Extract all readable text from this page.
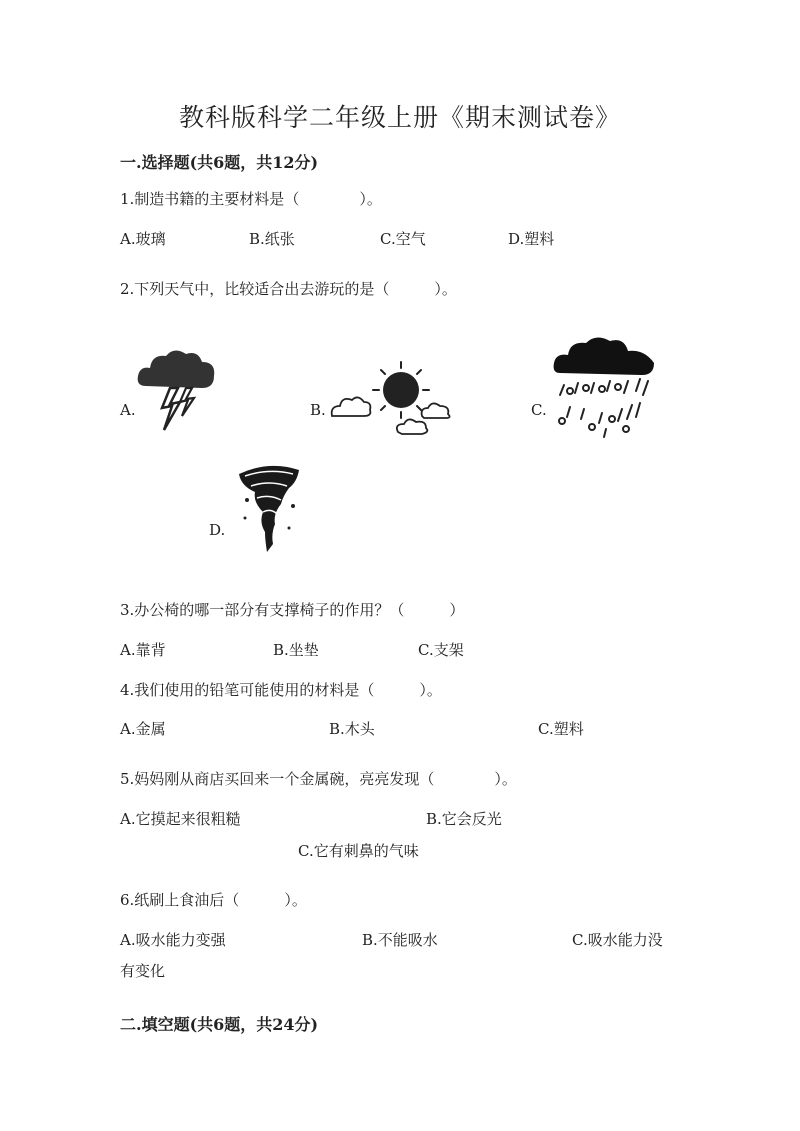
教科版科学二年级上册《期末测试卷》
一.选择题(共6题，共12分)
1.制造书籍的主要材料是（　　　　）。
A.玻璃	B.纸张	C.空气	D.塑料
2.下列天气中，比较适合出去游玩的是（　　　）。
A.	B.	C.
D.
3.办公椅的哪一部分有支撑椅子的作用？（　　　）
A.靠背	B.坐垫	C.支架
4.我们使用的铅笔可能使用的材料是（　　　）。
A.金属	B.木头	C.塑料
5.妈妈刚从商店买回来一个金属碗，亮亮发现（　　　　）。
A.它摸起来很粗糙	B.它会反光
C.它有刺鼻的气味
6.纸刷上食油后（　　　）。
A.吸水能力变强	B.不能吸水	C.吸水能力没
有变化
二.填空题(共6题，共24分)
